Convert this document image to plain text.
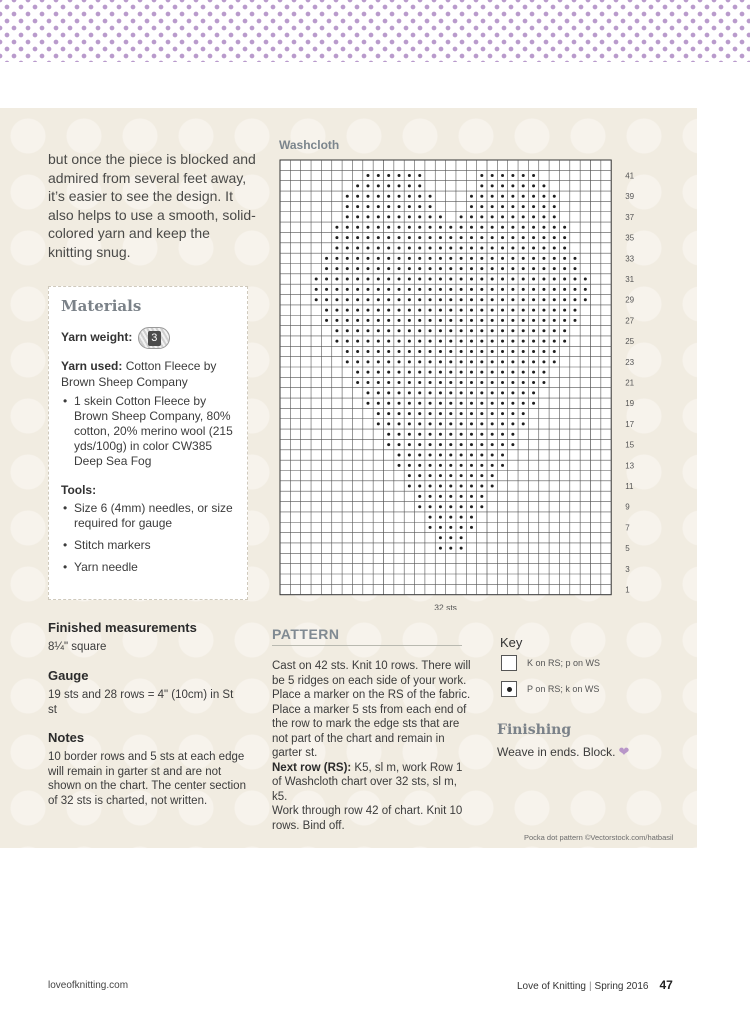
but once the piece is blocked and admired from several feet away, it’s easier to see the design. It also helps to use a smooth, solid-colored yarn and keep the knitting snug.

Materials
Yarn weight:	3
Yarn used: Cotton Fleece by Brown Sheep Company
• 1 skein Cotton Fleece by Brown Sheep Company, 80% cotton, 20% merino wool (215 yds/100g) in color CW385 Deep Sea Fog
Tools:
• Size 6 (4mm) needles, or size required for gauge
• Stitch markers
• Yarn needle
Finished measurements
8¼" square
Gauge
19 sts and 28 rows = 4" (10cm) in St st
Notes
10 border rows and 5 sts at each edge will remain in garter st and are not shown on the chart. The center section of 32 sts is charted, not written.
Washcloth
41
39
37
35
33
31
29
27
25
23
21
19
17
15
13
11
9
7
5
3
1
32 sts
PATTERN
Cast on 42 sts. Knit 10 rows. There will be 5 ridges on each side of your work. Place a marker on the RS of the fabric. Place a marker 5 sts from each end of the row to mark the edge sts that are not part of the chart and remain in garter st.
Next row (RS): K5, sl m, work Row 1 of Washcloth chart over 32 sts, sl m, k5.
Work through row 42 of chart. Knit 10 rows. Bind off.
Key
K on RS; p on WS
P on RS; k on WS
Finishing
Weave in ends. Block. ❤
Pocka dot pattern ©Vectorstock.com/hatbasil
loveofknitting.com	Love of Knitting | Spring 2016 47
